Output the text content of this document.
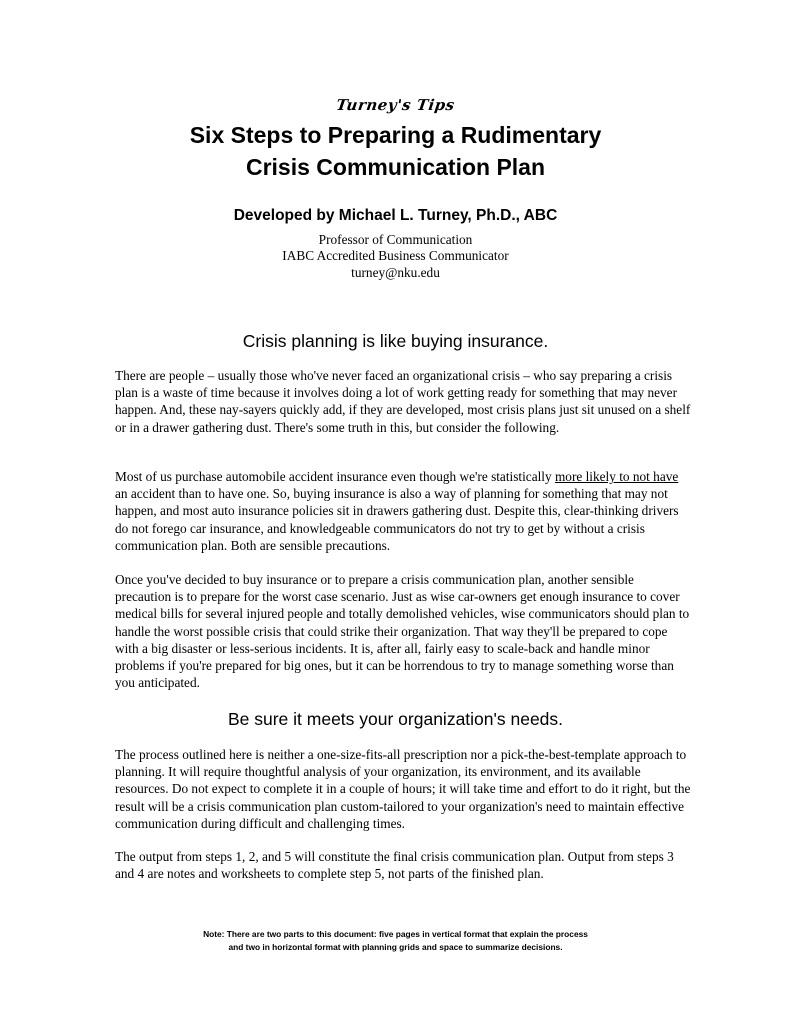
Turney's Tips
Six Steps to Preparing a Rudimentary
Crisis Communication Plan
Developed by Michael L. Turney, Ph.D., ABC
Professor of Communication
IABC Accredited Business Communicator
turney@nku.edu
Crisis planning is like buying insurance.

There are people – usually those who've never faced an organizational crisis – who say preparing a crisis plan is a waste of time because it involves doing a lot of work getting ready for something that may never happen. And, these nay-sayers quickly add, if they are developed, most crisis plans just sit unused on a shelf or in a drawer gathering dust. There's some truth in this, but consider the following.

Most of us purchase automobile accident insurance even though we're statistically more likely to not have an accident than to have one. So, buying insurance is also a way of planning for something that may not happen, and most auto insurance policies sit in drawers gathering dust. Despite this, clear-thinking drivers do not forego car insurance, and knowledgeable communicators do not try to get by without a crisis communication plan. Both are sensible precautions.

Once you've decided to buy insurance or to prepare a crisis communication plan, another sensible precaution is to prepare for the worst case scenario. Just as wise car-owners get enough insurance to cover medical bills for several injured people and totally demolished vehicles, wise communicators should plan to handle the worst possible crisis that could strike their organization. That way they'll be prepared to cope with a big disaster or less-serious incidents. It is, after all, fairly easy to scale-back and handle minor problems if you're prepared for big ones, but it can be horrendous to try to manage something worse than you anticipated.

Be sure it meets your organization's needs.

The process outlined here is neither a one-size-fits-all prescription nor a pick-the-best-template approach to planning. It will require thoughtful analysis of your organization, its environment, and its available resources. Do not expect to complete it in a couple of hours; it will take time and effort to do it right, but the result will be a crisis communication plan custom-tailored to your organization's need to maintain effective communication during difficult and challenging times.

The output from steps 1, 2, and 5 will constitute the final crisis communication plan. Output from steps 3 and 4 are notes and worksheets to complete step 5, not parts of the finished plan.

Note: There are two parts to this document: five pages in vertical format that explain the process
and two in horizontal format with planning grids and space to summarize decisions.
